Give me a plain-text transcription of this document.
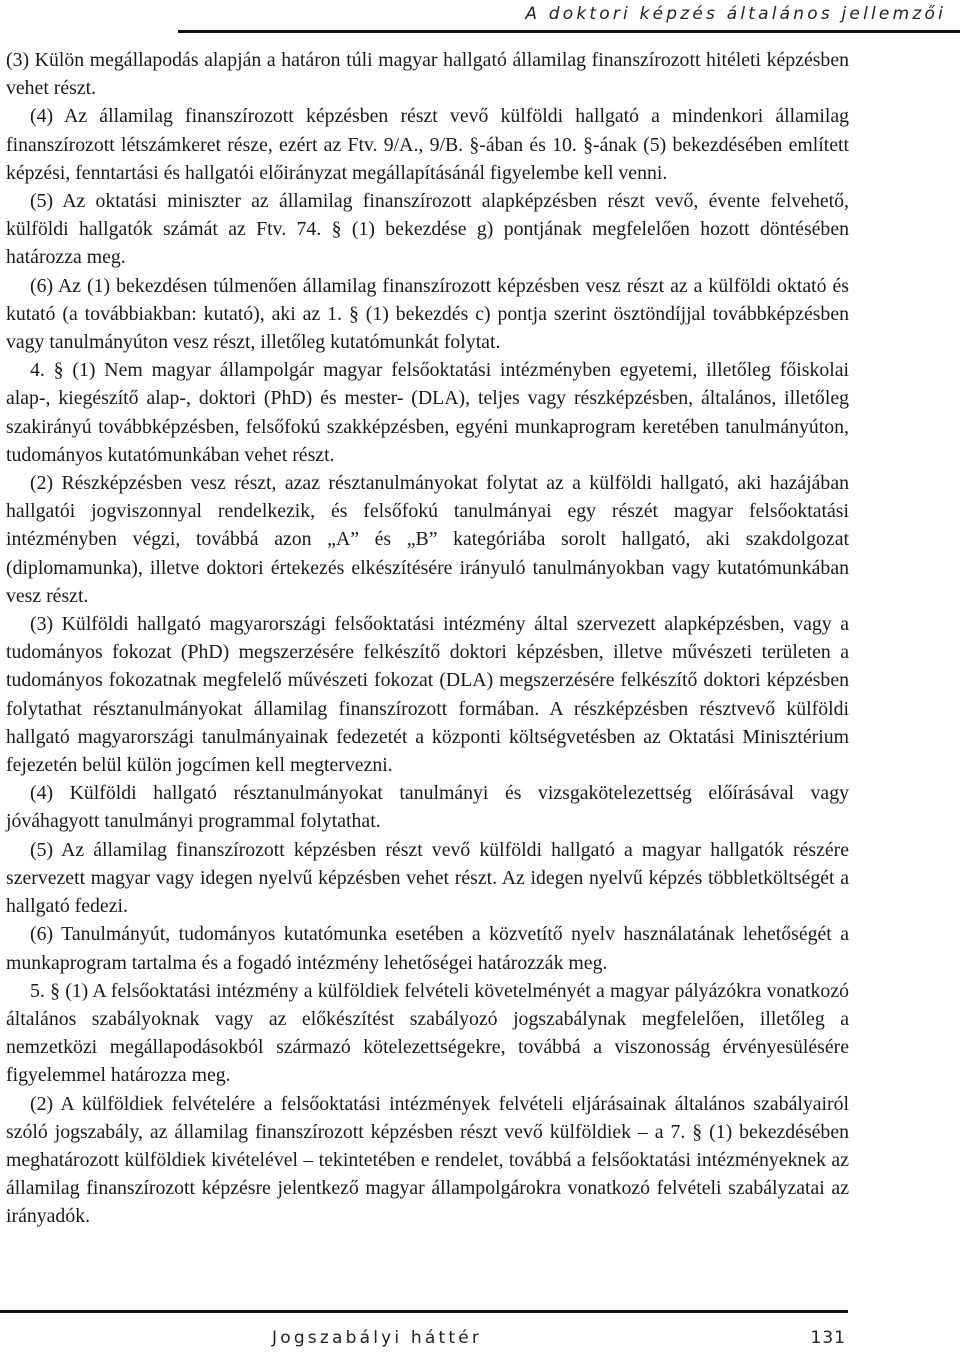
A doktori képzés általános jellemzői

(3) Külön megállapodás alapján a határon túli magyar hallgató államilag finanszírozott hitéleti képzésben vehet részt.

(4) Az államilag finanszírozott képzésben részt vevő külföldi hallgató a mindenkori államilag finanszírozott létszámkeret része, ezért az Ftv. 9/A., 9/B. §-ában és 10. §-ának (5) bekezdésében említett képzési, fenntartási és hallgatói előirányzat megállapításánál figyelembe kell venni.

(5) Az oktatási miniszter az államilag finanszírozott alapképzésben részt vevő, évente felvehető, külföldi hallgatók számát az Ftv. 74. § (1) bekezdése g) pontjának megfelelően hozott döntésében határozza meg.

(6) Az (1) bekezdésen túlmenően államilag finanszírozott képzésben vesz részt az a külföldi oktató és kutató (a továbbiakban: kutató), aki az 1. § (1) bekezdés c) pontja szerint ösztöndíjjal továbbképzésben vagy tanulmányúton vesz részt, illetőleg kutatómunkát folytat.

4. § (1) Nem magyar állampolgár magyar felsőoktatási intézményben egyetemi, illetőleg főiskolai alap-, kiegészítő alap-, doktori (PhD) és mester- (DLA), teljes vagy részképzésben, általános, illetőleg szakirányú továbbképzésben, felsőfokú szakképzésben, egyéni munkaprogram keretében tanulmányúton, tudományos kutatómunkában vehet részt.

(2) Részképzésben vesz részt, azaz résztanulmányokat folytat az a külföldi hallgató, aki hazájában hallgatói jogviszonnyal rendelkezik, és felsőfokú tanulmányai egy részét magyar felsőoktatási intézményben végzi, továbbá azon „A” és „B” kategóriába sorolt hallgató, aki szakdolgozat (diplomamunka), illetve doktori értekezés elkészítésére irányuló tanulmányokban vagy kutatómunkában vesz részt.

(3) Külföldi hallgató magyarországi felsőoktatási intézmény által szervezett alapképzésben, vagy a tudományos fokozat (PhD) megszerzésére felkészítő doktori képzésben, illetve művészeti területen a tudományos fokozatnak megfelelő művészeti fokozat (DLA) megszerzésére felkészítő doktori képzésben folytathat résztanulmányokat államilag finanszírozott formában. A részképzésben résztvevő külföldi hallgató magyarországi tanulmányainak fedezetét a központi költségvetésben az Oktatási Minisztérium fejezetén belül külön jogcímen kell megtervezni.

(4) Külföldi hallgató résztanulmányokat tanulmányi és vizsgakötelezettség előírásával vagy jóváhagyott tanulmányi programmal folytathat.

(5) Az államilag finanszírozott képzésben részt vevő külföldi hallgató a magyar hallgatók részére szervezett magyar vagy idegen nyelvű képzésben vehet részt. Az idegen nyelvű képzés többletköltségét a hallgató fedezi.

(6) Tanulmányút, tudományos kutatómunka esetében a közvetítő nyelv használatának lehetőségét a munkaprogram tartalma és a fogadó intézmény lehetőségei határozzák meg.

5. § (1) A felsőoktatási intézmény a külföldiek felvételi követelményét a magyar pályázókra vonatkozó általános szabályoknak vagy az előkészítést szabályozó jogszabálynak megfelelően, illetőleg a nemzetközi megállapodásokból származó kötelezettségekre, továbbá a viszonosság érvényesülésére figyelemmel határozza meg.

(2) A külföldiek felvételére a felsőoktatási intézmények felvételi eljárásainak általános szabályairól szóló jogszabály, az államilag finanszírozott képzésben részt vevő külföldiek – a 7. § (1) bekezdésében meghatározott külföldiek kivételével – tekintetében e rendelet, továbbá a felsőoktatási intézményeknek az államilag finanszírozott képzésre jelentkező magyar állampolgárokra vonatkozó felvételi szabályzatai az irányadók.

Jogszabályi háttér	131
